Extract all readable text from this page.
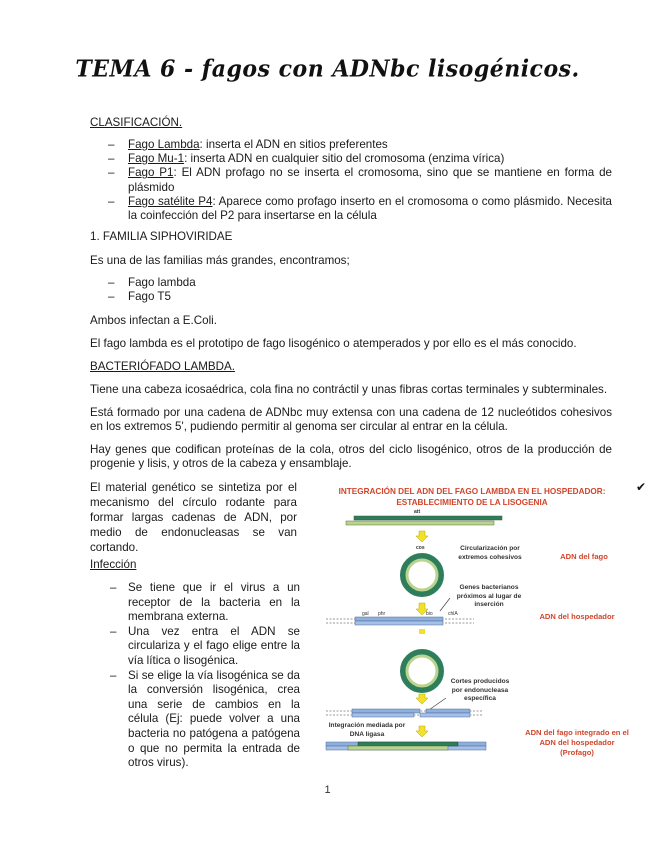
TEMA 6 - fagos con ADNbc lisogénicos.
CLASIFICACIÓN.
– Fago Lambda: inserta el ADN en sitios preferentes
– Fago Mu-1: inserta ADN en cualquier sitio del cromosoma (enzima vírica)
– Fago P1: El ADN profago no se inserta el cromosoma, sino que se mantiene en forma de plásmido
– Fago satélite P4: Aparece como profago inserto en el cromosoma o como plásmido. Necesita la coinfección del P2 para insertarse en la célula
1. FAMILIA SIPHOVIRIDAE
Es una de las familias más grandes, encontramos;
– Fago lambda
– Fago T5
Ambos infectan a E.Coli.
El fago lambda es el prototipo de fago lisogénico o atemperados y por ello es el más conocido.
BACTERIÓFADO LAMBDA.
Tiene una cabeza icosaédrica, cola fina no contráctil y unas fibras cortas terminales y subterminales.
Está formado por una cadena de ADNbc muy extensa con una cadena de 12 nucleótidos cohesivos en los extremos 5', pudiendo permitir al genoma ser circular al entrar en la célula.
Hay genes que codifican proteínas de la cola, otros del ciclo lisogénico, otros de la producción de progenie y lisis, y otros de la cabeza y ensamblaje.
El material genético se sintetiza por el mecanismo del círculo rodante para formar largas cadenas de ADN, por medio de endonucleasas se van cortando.
Infección
– Se tiene que ir el virus a un receptor de la bacteria en la membrana externa.
– Una vez entra el ADN se circulariza y el fago elige entre la vía lítica o lisogénica.
– Si se elige la vía lisogénica se da la conversión lisogénica, crea una serie de cambios en la célula (Ej: puede volver a una bacteria no patógena a patógena o que no permita la entrada de otros virus).
INTEGRACIÓN DEL ADN DEL FAGO LAMBDA EN EL HOSPEDADOR:
ESTABLECIMIENTO DE LA LISOGENIA
att
cos	Circularización por extremos cohesivos	ADN del fago
Genes bacterianos próximos al lugar de inserción
ADN del hospedador
gal phr	bio	chlA
Cortes producidos por endonucleasa específica
Integración mediada por DNA ligasa	ADN del fago integrado en el ADN del hospedador (Profago)
✔
1
